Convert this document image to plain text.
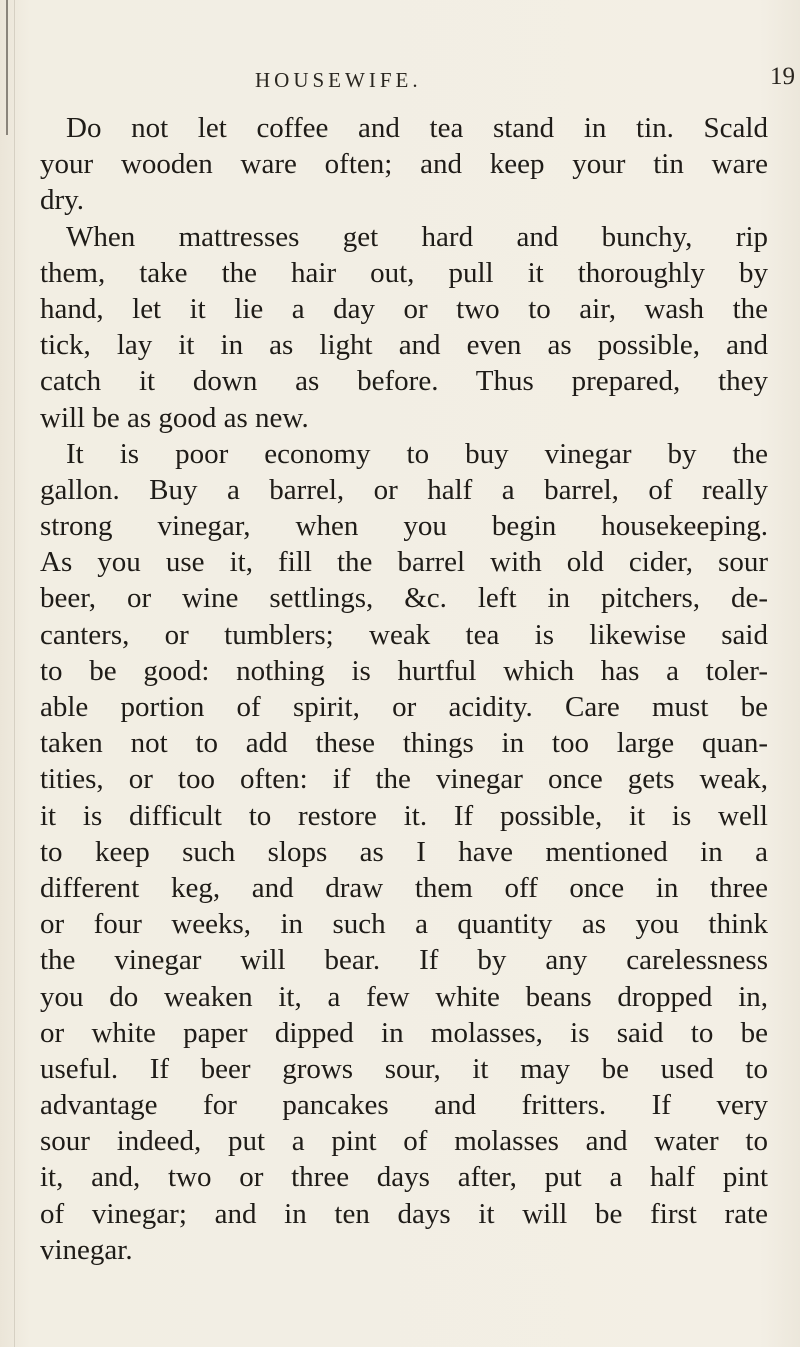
HOUSEWIFE.	19
Do not let coffee and tea stand in tin. Scald
your wooden ware often; and keep your tin ware
dry.
When mattresses get hard and bunchy, rip
them, take the hair out, pull it thoroughly by
hand, let it lie a day or two to air, wash the
tick, lay it in as light and even as possible, and
catch it down as before. Thus prepared, they
will be as good as new.
It is poor economy to buy vinegar by the
gallon. Buy a barrel, or half a barrel, of really
strong vinegar, when you begin housekeeping.
As you use it, fill the barrel with old cider, sour
beer, or wine settlings, &c. left in pitchers, de-
canters, or tumblers; weak tea is likewise said
to be good: nothing is hurtful which has a toler-
able portion of spirit, or acidity. Care must be
taken not to add these things in too large quan-
tities, or too often: if the vinegar once gets weak,
it is difficult to restore it. If possible, it is well
to keep such slops as I have mentioned in a
different keg, and draw them off once in three
or four weeks, in such a quantity as you think
the vinegar will bear. If by any carelessness
you do weaken it, a few white beans dropped in,
or white paper dipped in molasses, is said to be
useful. If beer grows sour, it may be used to
advantage for pancakes and fritters. If very
sour indeed, put a pint of molasses and water to
it, and, two or three days after, put a half pint
of vinegar; and in ten days it will be first rate
vinegar.
